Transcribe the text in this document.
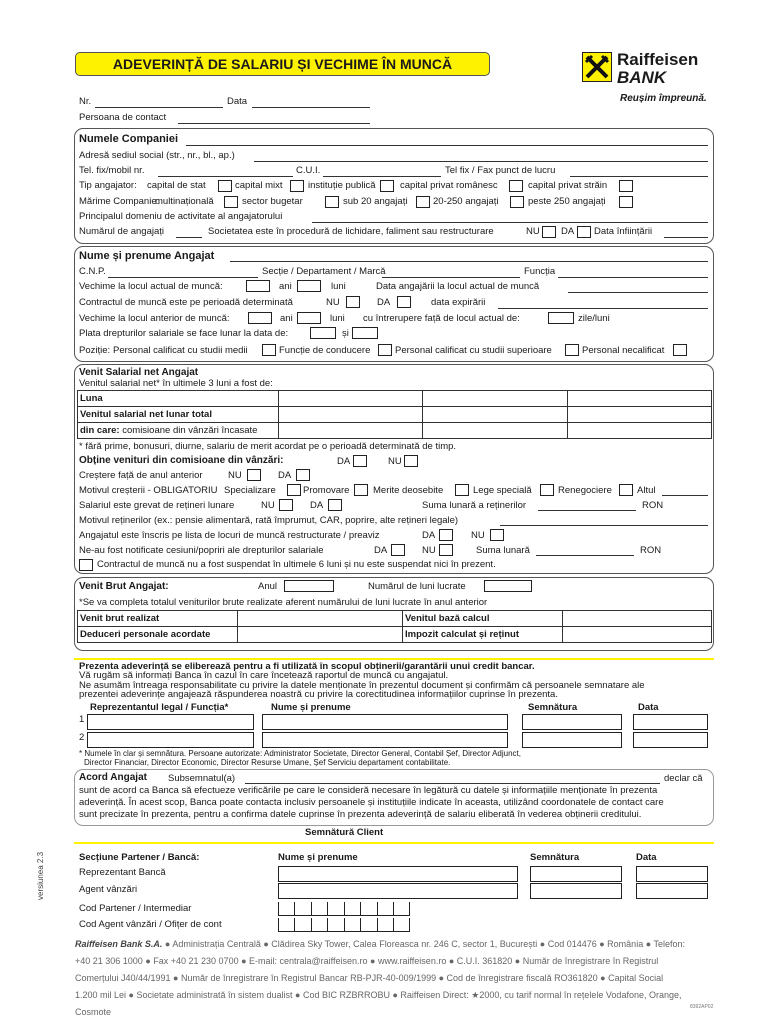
ADEVERINȚĂ DE SALARIU ȘI VECHIME ÎN MUNCĂ	Raiffeisen
BANK
Reușim împreună.
Nr.	Data
Persoana de contact
Numele Companiei
Adresă sediul social (str., nr., bl., ap.)
Tel. fix/mobil nr.	C.U.I.	Tel fix / Fax punct de lucru
Tip angajator: capital de stat	capital mixt	instituție publică	capital privat românesc	capital privat străin
Mărime Companie:
multinațională	sector bugetar	sub 20 angajați	20-250 angajați	peste 250 angajați
Principalul domeniu de activitate al angajatorului
Numărul de angajați	Societatea este în procedură de lichidare, faliment sau restructurare	NU DA Data înființării
Nume și prenume Angajat
C.N.P.	Secție / Departament / Marcă	Funcția
Vechime la locul actual de muncă:	ani	luni	Data angajării la locul actual de muncă
Contractul de muncă este pe perioadă determinată	NU	DA	data expirării
Vechime la locul anterior de muncă:	ani	luni cu întrerupere față de locul actual de:	zile/luni
Plata drepturilor salariale se face lunar la data de:	și
Poziție: Personal calificat cu studii medii	Funcție de conducere	Personal calificat cu studii superioare	Personal necalificat
Venit Salarial net Angajat
Venitul salarial net* în ultimele 3 luni a fost de:
Luna			
Venitul salarial net lunar total			
din care: comisioane din vânzări încasate			
* fără prime, bonusuri, diurne, salariu de merit acordat pe o perioadă determinată de timp.
Obține venituri din comisioane din vânzări:	DA	NU
Creștere față de anul anterior	NU	DA
Motivul creșterii - OBLIGATORIU Specializare	Promovare Merite deosebite	Lege specială	Renegociere	Altul
Salariul este grevat de rețineri lunare	NU	DA	Suma lunară a reținerilor	RON
Motivul reținerilor (ex.: pensie alimentară, rată împrumut, CAR, poprire, alte rețineri legale)
Angajatul este înscris pe lista de locuri de muncă restructurate / preaviz	DA	NU
Ne-au fost notificate cesiuni/popriri ale drepturilor salariale	DA	NU	Suma lunară	RON
Contractul de muncă nu a fost suspendat în ultimele 6 luni și nu este suspendat nici în prezent.
Venit Brut Angajat:	Anul	Numărul de luni lucrate
*Se va completa totalul veniturilor brute realizate aferent numărului de luni lucrate în anul anterior
Venit brut realizat		Venitul bază calcul	
Deduceri personale acordate		Impozit calculat și reținut	
Prezenta adeverință se eliberează pentru a fi utilizată în scopul obținerii/garantării unui credit bancar.
Vă rugăm să informați Banca în cazul în care încetează raportul de muncă cu angajatul.
Ne asumăm întreaga responsabilitate cu privire la datele menționate în prezentul document și confirmăm că persoanele semnatare ale
prezentei adeverințe angajează răspunderea noastră cu privire la corectitudinea informațiilor cuprinse în prezenta.
Reprezentantul legal / Funcția*	Nume și prenume	Semnătura	Data
1
2
* Numele în clar și semnătura. Persoane autorizate: Administrator Societate, Director General, Contabil Șef, Director Adjunct,
Director Financiar, Director Economic, Director Resurse Umane, Șef Serviciu departament contabilitate.
Acord Angajat Subsemnatul(a)	declar că
sunt de acord ca Banca să efectueze verificările pe care le consideră necesare în legătură cu datele și informațiile menționate în prezenta
adeverință. În acest scop, Banca poate contacta inclusiv persoanele și instituțiile indicate în aceasta, utilizând coordonatele de contact care
sunt precizate în prezenta, pentru a confirma datele cuprinse în prezenta adeverință de salariu eliberată în vederea obținerii creditului.
Semnătură Client
Secțiune Partener / Bancă:	Nume și prenume	Semnătura	Data
Reprezentant Bancă
Agent vânzări
Cod Partener / Intermediar
Cod Agent vânzări / Ofițer de cont
versiunea 2.3
Raiffeisen Bank S.A. ● Administrația Centrală ● Clădirea Sky Tower, Calea Floreasca nr. 246 C, sector 1, București ● Cod 014476 ● România ● Telefon:
+40 21 306 1000 ● Fax +40 21 230 0700 ● E-mail: centrala@raiffeisen.ro ● www.raiffeisen.ro ● C.U.I. 361820 ● Număr de înregistrare în Registrul
Comerțului J40/44/1991 ● Număr de înregistrare în Registrul Bancar RB-PJR-40-009/1999 ● Cod de înregistrare fiscală RO361820 ● Capital Social
1.200 mil Lei ● Societate administrată în sistem dualist ● Cod BIC RZBRROBU ● Raiffeisen Direct: ★2000, cu tarif normal în rețelele Vodafone, Orange, Cosmote	8392AP02
